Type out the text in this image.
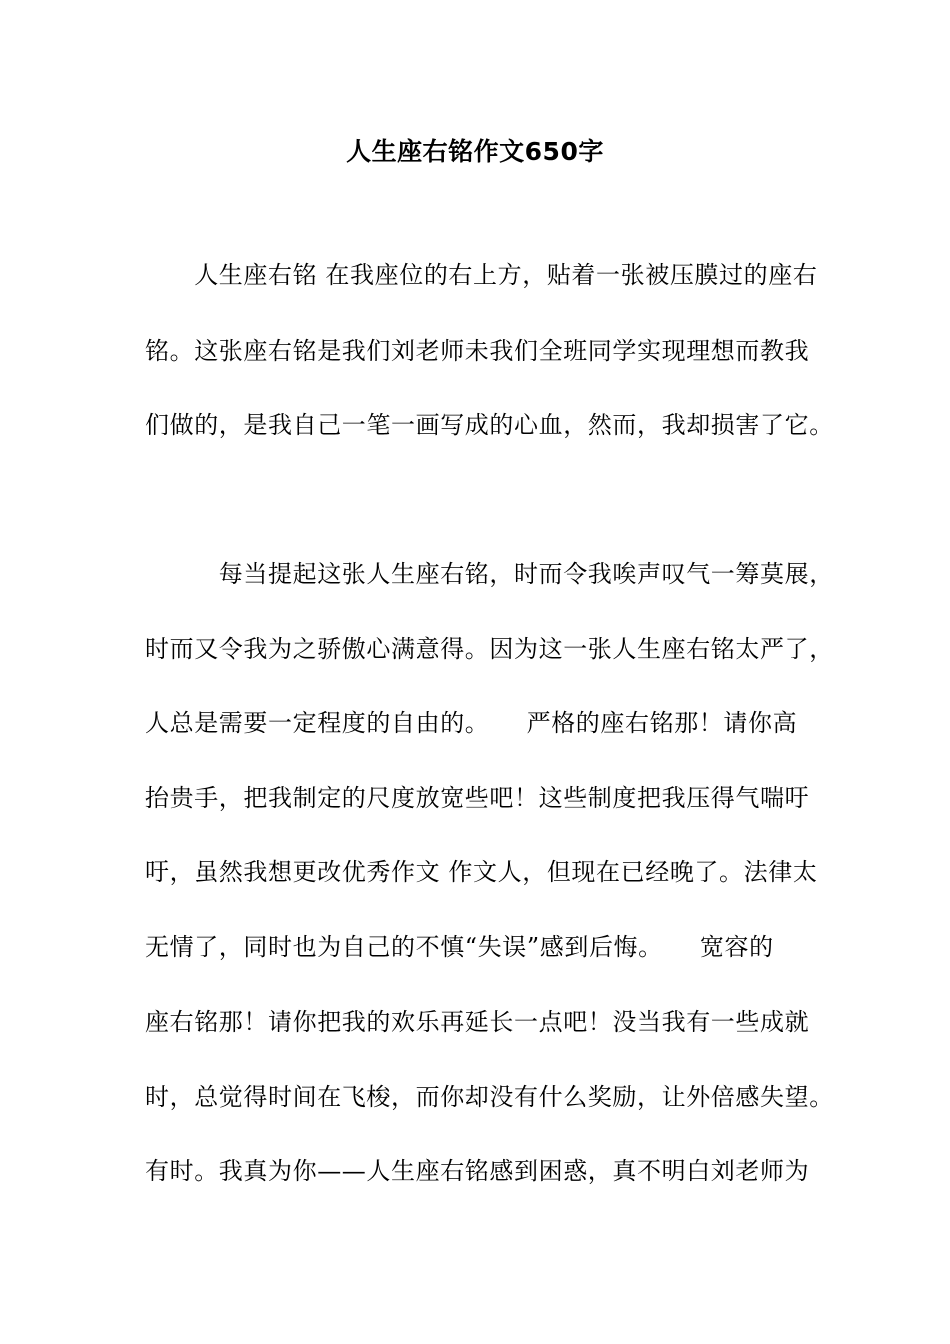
人生座右铭作文650字
　　人生座右铭 在我座位的右上方，贴着一张被压膜过的座右
铭。这张座右铭是我们刘老师未我们全班同学实现理想而教我
们做的，是我自己一笔一画写成的心血，然而，我却损害了它。
　　　每当提起这张人生座右铭，时而令我唉声叹气一筹莫展，
时而又令我为之骄傲心满意得。因为这一张人生座右铭太严了，
人总是需要一定程度的自由的。　　严格的座右铭那！请你高
抬贵手，把我制定的尺度放宽些吧！这些制度把我压得气喘吁
吁，虽然我想更改优秀作文 作文人，但现在已经晚了。法律太
无情了，同时也为自己的不慎“失误”感到后悔。　　宽容的
座右铭那！请你把我的欢乐再延长一点吧！没当我有一些成就
时，总觉得时间在飞梭，而你却没有什么奖励，让外倍感失望。
有时。我真为你——人生座右铭感到困惑，真不明白刘老师为
